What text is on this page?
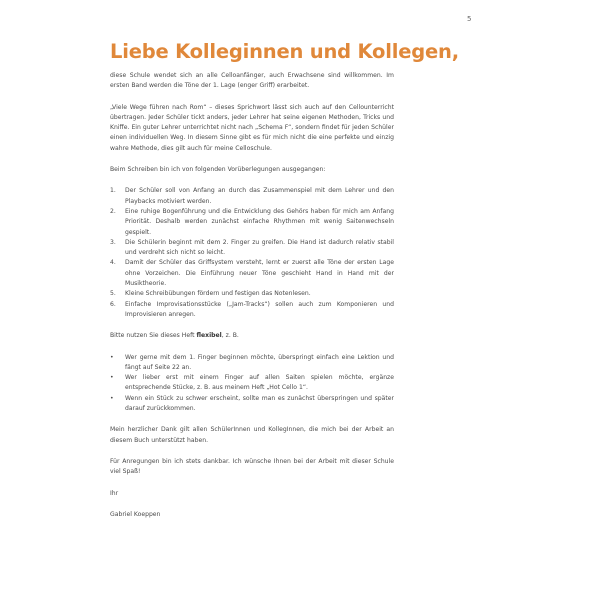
5
Liebe Kolleginnen und Kollegen,

diese Schule wendet sich an alle Celloanfänger, auch Erwachsene sind willkommen. Im ersten Band werden die Töne der 1. Lage (enger Griff) erarbeitet.

„Viele Wege führen nach Rom“ – dieses Sprichwort lässt sich auch auf den Cellounterricht übertragen. Jeder Schüler tickt anders, jeder Lehrer hat seine eigenen Methoden, Tricks und Kniffe. Ein guter Lehrer unterrichtet nicht nach „Schema F“, sondern findet für jeden Schüler einen individuellen Weg. In diesem Sinne gibt es für mich nicht die eine perfekte und einzig wahre Methode, dies gilt auch für meine Celloschule.

Beim Schreiben bin ich von folgenden Vorüberlegungen ausgegangen:

1. Der Schüler soll von Anfang an durch das Zusammenspiel mit dem Lehrer und den Playbacks motiviert werden.
2. Eine ruhige Bogenführung und die Entwicklung des Gehörs haben für mich am Anfang Priorität. Deshalb werden zunächst einfache Rhythmen mit wenig Saitenwechseln gespielt.
3. Die Schülerin beginnt mit dem 2. Finger zu greifen. Die Hand ist dadurch relativ stabil und verdreht sich nicht so leicht.
4. Damit der Schüler das Griffsystem versteht, lernt er zuerst alle Töne der ersten Lage ohne Vorzeichen. Die Einführung neuer Töne geschieht Hand in Hand mit der Musiktheorie.
5. Kleine Schreibübungen fördern und festigen das Notenlesen.
6. Einfache Improvisationsstücke („Jam-Tracks“) sollen auch zum Komponieren und Improvisieren anregen.

Bitte nutzen Sie dieses Heft flexibel, z. B.

• Wer gerne mit dem 1. Finger beginnen möchte, überspringt einfach eine Lektion und fängt auf Seite 22 an.
• Wer lieber erst mit einem Finger auf allen Saiten spielen möchte, ergänze entsprechende Stücke, z. B. aus meinem Heft „Hot Cello 1“.
• Wenn ein Stück zu schwer erscheint, sollte man es zunächst überspringen und später darauf zurückkommen.

Mein herzlicher Dank gilt allen SchülerInnen und KollegInnen, die mich bei der Arbeit an diesem Buch unterstützt haben.

Für Anregungen bin ich stets dankbar. Ich wünsche Ihnen bei der Arbeit mit dieser Schule viel Spaß!

Ihr

Gabriel Koeppen
